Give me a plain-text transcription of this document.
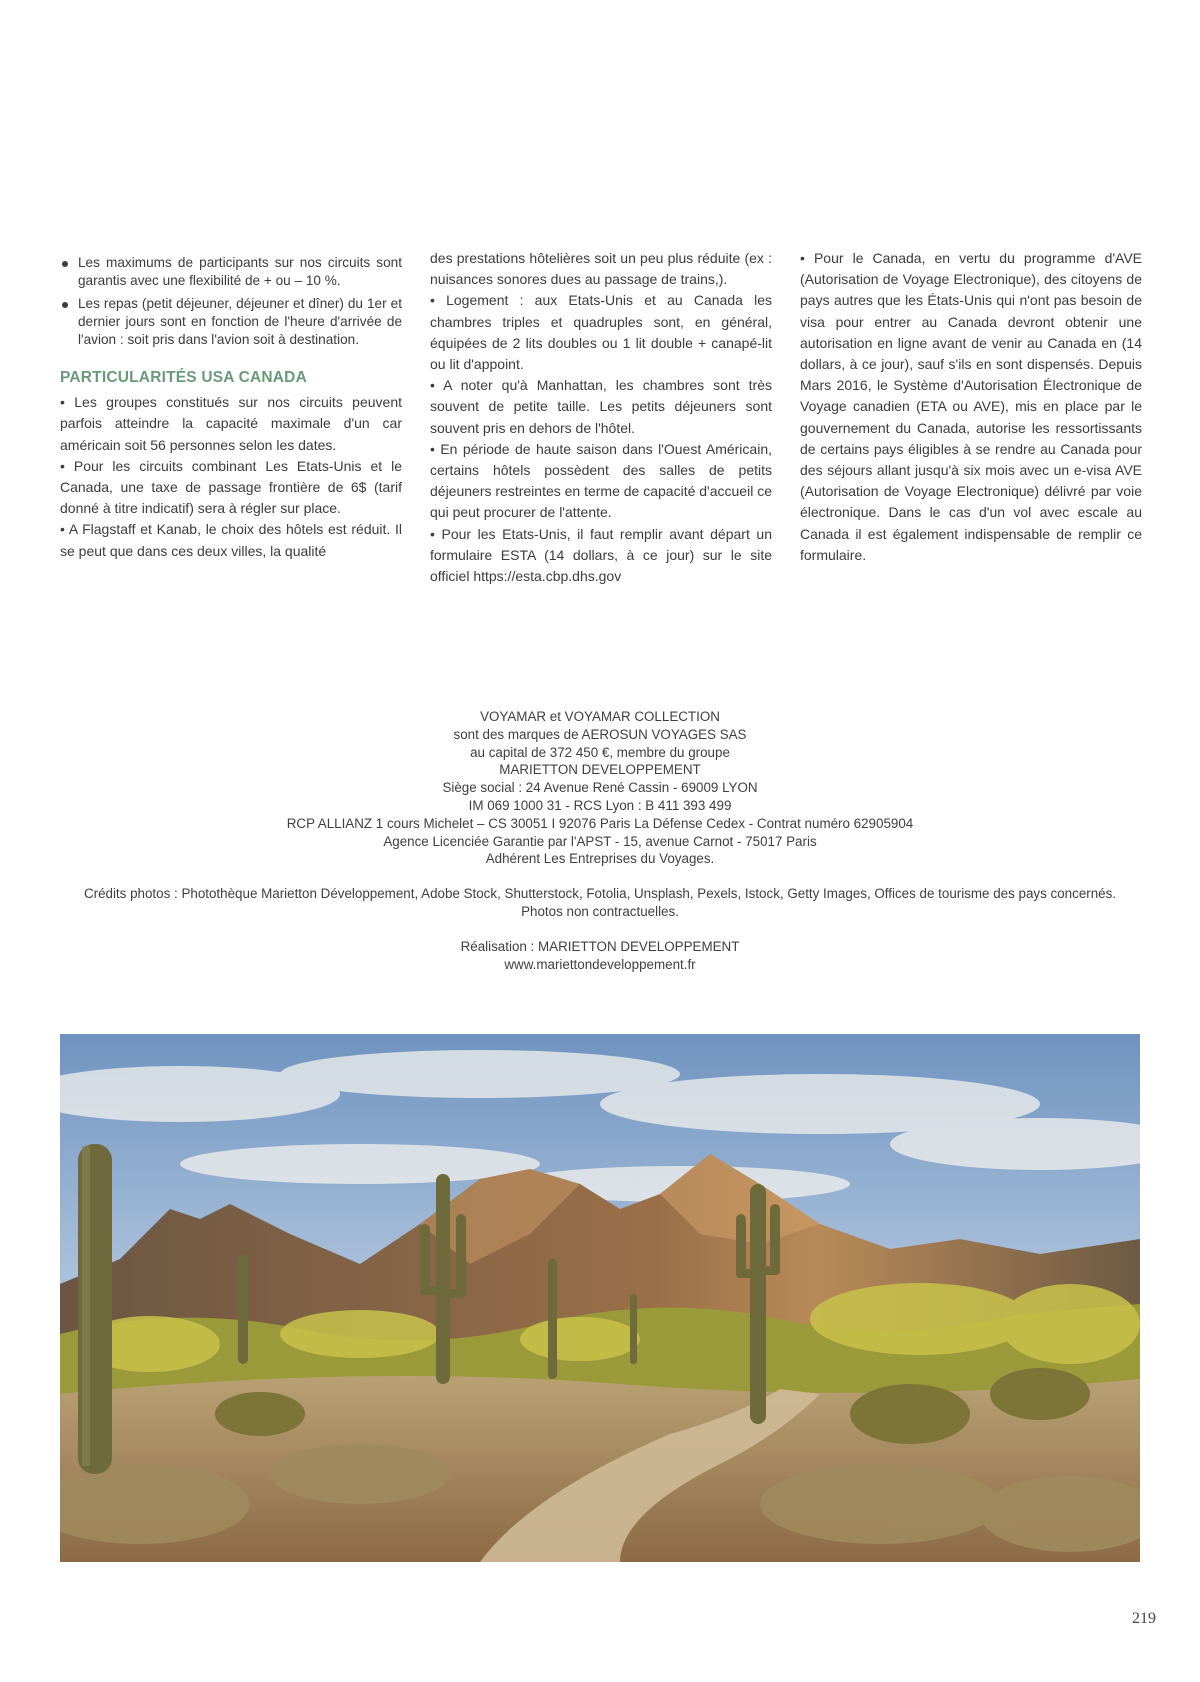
Les maximums de participants sur nos circuits sont garantis avec une flexibilité de + ou – 10 %.

Les repas (petit déjeuner, déjeuner et dîner) du 1er et dernier jours sont en fonction de l'heure d'arrivée de l'avion : soit pris dans l'avion soit à destination.

PARTICULARITÉS USA CANADA

• Les groupes constitués sur nos circuits peuvent parfois atteindre la capacité maximale d'un car américain soit 56 personnes selon les dates.

• Pour les circuits combinant Les Etats-Unis et le Canada, une taxe de passage frontière de 6$ (tarif donné à titre indicatif) sera à régler sur place.

• A Flagstaff et Kanab, le choix des hôtels est réduit. Il se peut que dans ces deux villes, la qualité

des prestations hôtelières soit un peu plus réduite (ex : nuisances sonores dues au passage de trains,).

• Logement : aux Etats-Unis et au Canada les chambres triples et quadruples sont, en général, équipées de 2 lits doubles ou 1 lit double + canapé-lit ou lit d'appoint.

• A noter qu'à Manhattan, les chambres sont très souvent de petite taille. Les petits déjeuners sont souvent pris en dehors de l'hôtel.

• En période de haute saison dans l'Ouest Américain, certains hôtels possèdent des salles de petits déjeuners restreintes en terme de capacité d'accueil ce qui peut procurer de l'attente.

• Pour les Etats-Unis, il faut remplir avant départ un formulaire ESTA (14 dollars, à ce jour) sur le site officiel https://esta.cbp.dhs.gov

• Pour le Canada, en vertu du programme d'AVE (Autorisation de Voyage Electronique), des citoyens de pays autres que les États-Unis qui n'ont pas besoin de visa pour entrer au Canada devront obtenir une autorisation en ligne avant de venir au Canada en (14 dollars, à ce jour), sauf s'ils en sont dispensés. Depuis Mars 2016, le Système d'Autorisation Électronique de Voyage canadien (ETA ou AVE), mis en place par le gouvernement du Canada, autorise les ressortissants de certains pays éligibles à se rendre au Canada pour des séjours allant jusqu'à six mois avec un e-visa AVE (Autorisation de Voyage Electronique) délivré par voie électronique. Dans le cas d'un vol avec escale au Canada il est également indispensable de remplir ce formulaire.

VOYAMAR et VOYAMAR COLLECTION
sont des marques de AEROSUN VOYAGES SAS
au capital de 372 450 €, membre du groupe
MARIETTON DEVELOPPEMENT
Siège social : 24 Avenue René Cassin - 69009 LYON
IM 069 1000 31 - RCS Lyon : B 411 393 499
RCP ALLIANZ 1 cours Michelet – CS 30051 I 92076 Paris La Défense Cedex - Contrat numéro 62905904
Agence Licenciée Garantie par l'APST - 15, avenue Carnot - 75017 Paris
Adhérent Les Entreprises du Voyages.
Crédits photos : Photothèque Marietton Développement, Adobe Stock, Shutterstock, Fotolia, Unsplash, Pexels, Istock, Getty Images, Offices de tourisme des pays concernés.
Photos non contractuelles.
Réalisation : MARIETTON DEVELOPPEMENT
www.mariettondeveloppement.fr
219
